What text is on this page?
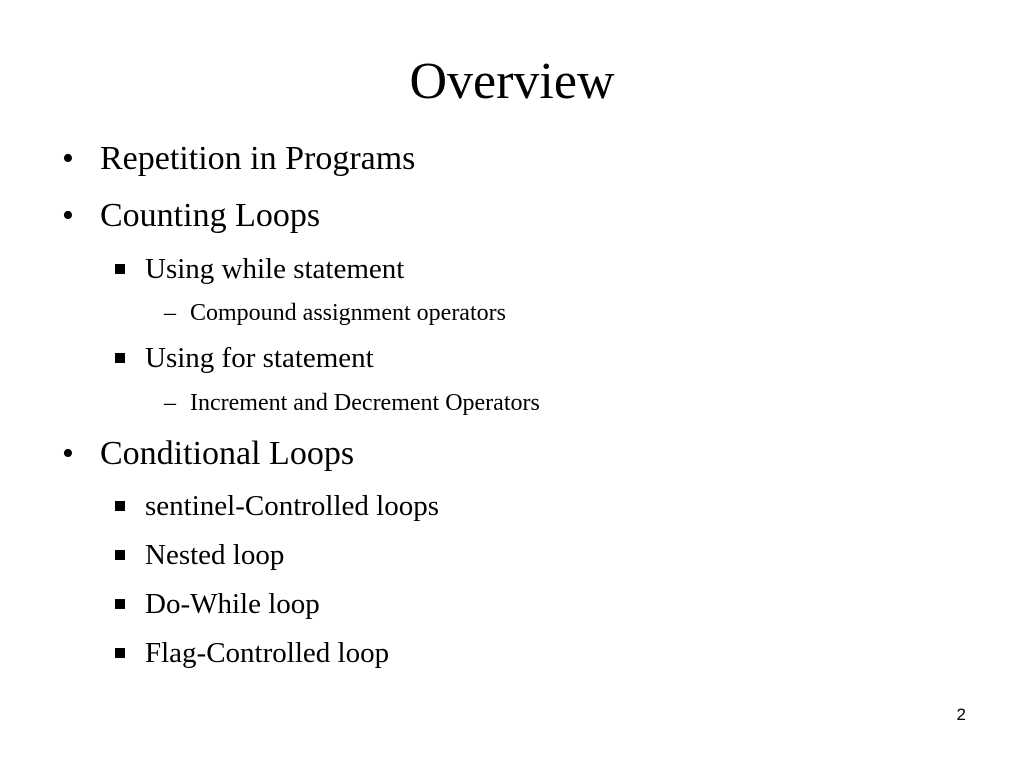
Overview
• Repetition in Programs
• Counting Loops
Using while statement
– Compound assignment operators
Using for statement
– Increment and Decrement Operators
• Conditional Loops
sentinel-Controlled loops
Nested loop
Do-While loop
Flag-Controlled loop
2
